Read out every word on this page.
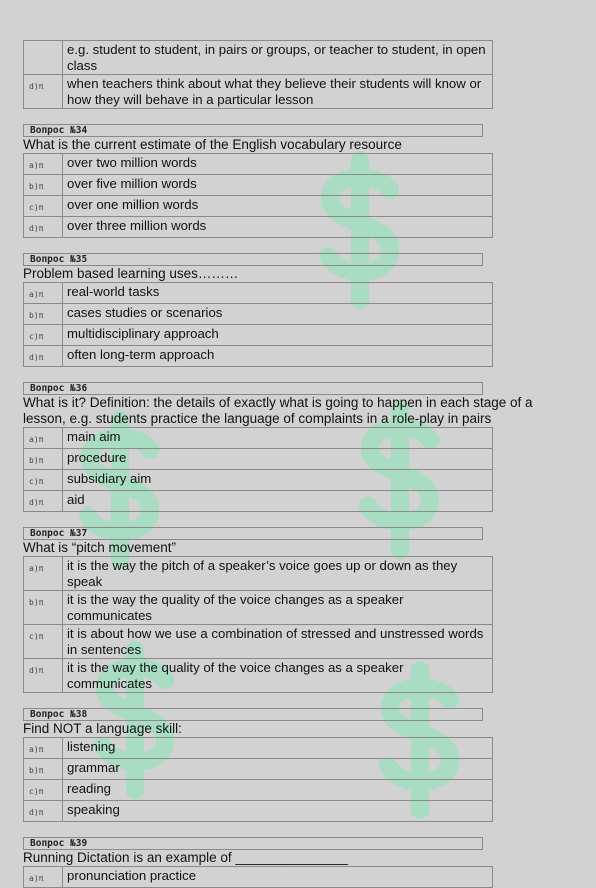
	e.g. student to student, in pairs or groups, or teacher to student, in open class
d)π	when teachers think about what they believe their students will know or how they will behave in a particular lesson
Вопрос №34
What is the current estimate of the English vocabulary resource
a)π	over two million words
b)π	over five million words
c)π	over one million words
d)π	over three million words
Вопрос №35
Problem based learning uses………
a)π	real-world tasks
b)π	cases studies or scenarios
c)π	multidisciplinary approach
d)π	often long-term approach
Вопрос №36
What is it? Definition: the details of exactly what is going to happen in each stage of a lesson, e.g. students practice the language of complaints in a role-play in pairs
a)π	main aim
b)π	procedure
c)π	subsidiary aim
d)π	aid
Вопрос №37
What is “pitch movement”
a)π	it is the way the pitch of a speaker’s voice goes up or down as they speak
b)π	it is the way the quality of the voice changes as a speaker communicates
c)π	it is about how we use a combination of stressed and unstressed words in sentences
d)π	it is the way the quality of the voice changes as a speaker communicates
Вопрос №38
Find NOT a language skill:
a)π	listening
b)π	grammar
c)π	reading
d)π	speaking
Вопрос №39
Running Dictation is an example of _______________
a)π	pronunciation practice
